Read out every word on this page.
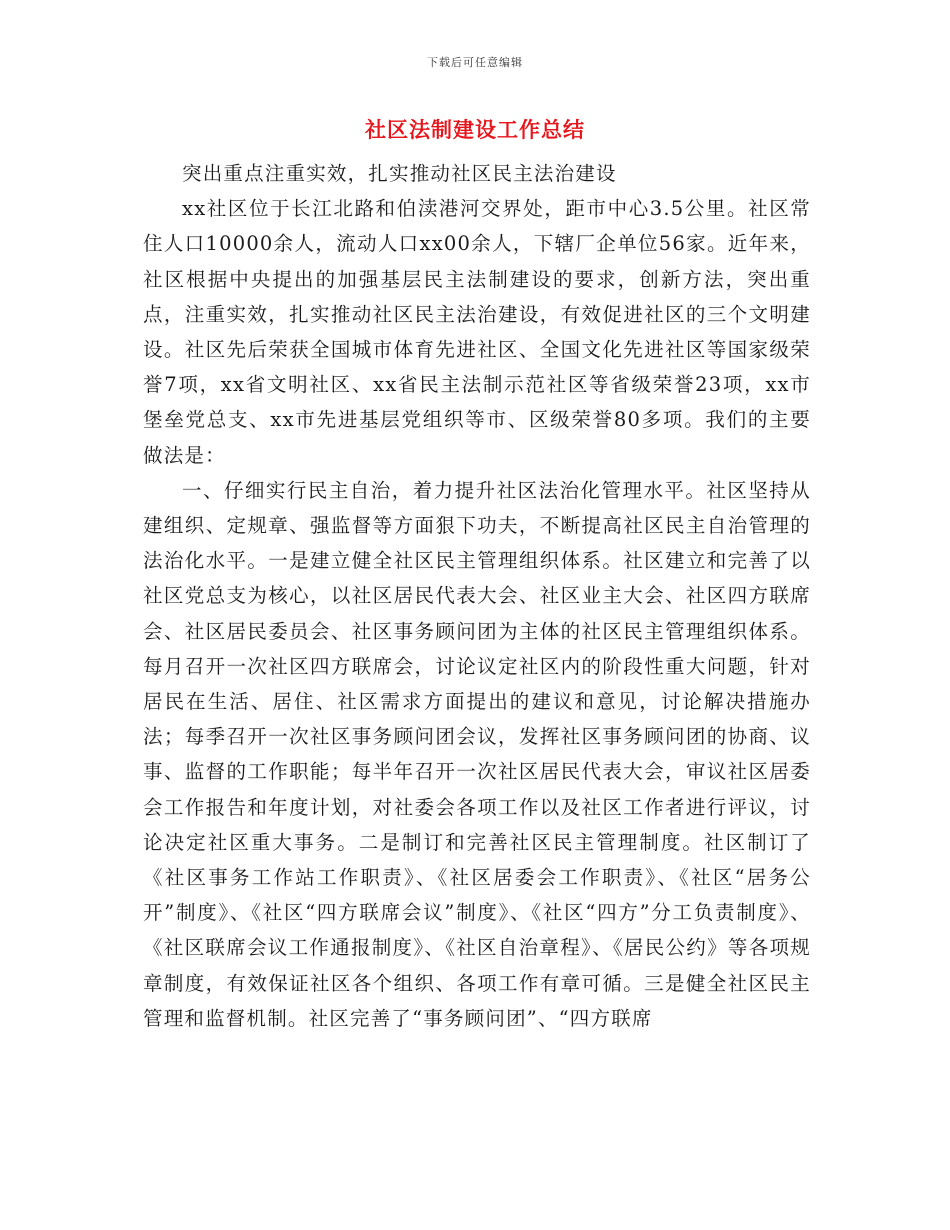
下载后可任意编辑
社区法制建设工作总结

突出重点注重实效，扎实推动社区民主法治建设

xx社区位于长江北路和伯渎港河交界处，距市中心3.5公里。社区常住人口10000余人，流动人口xx00余人，下辖厂企单位56家。近年来，社区根据中央提出的加强基层民主法制建设的要求，创新方法，突出重点，注重实效，扎实推动社区民主法治建设，有效促进社区的三个文明建设。社区先后荣获全国城市体育先进社区、全国文化先进社区等国家级荣誉7项，xx省文明社区、xx省民主法制示范社区等省级荣誉23项，xx市堡垒党总支、xx市先进基层党组织等市、区级荣誉80多项。我们的主要做法是：

一、仔细实行民主自治，着力提升社区法治化管理水平。社区坚持从建组织、定规章、强监督等方面狠下功夫，不断提高社区民主自治管理的法治化水平。一是建立健全社区民主管理组织体系。社区建立和完善了以社区党总支为核心，以社区居民代表大会、社区业主大会、社区四方联席会、社区居民委员会、社区事务顾问团为主体的社区民主管理组织体系。每月召开一次社区四方联席会，讨论议定社区内的阶段性重大问题，针对居民在生活、居住、社区需求方面提出的建议和意见，讨论解决措施办法；每季召开一次社区事务顾问团会议，发挥社区事务顾问团的协商、议事、监督的工作职能；每半年召开一次社区居民代表大会，审议社区居委会工作报告和年度计划，对社委会各项工作以及社区工作者进行评议，讨论决定社区重大事务。二是制订和完善社区民主管理制度。社区制订了《社区事务工作站工作职责》、《社区居委会工作职责》、《社区“居务公开”制度》、《社区“四方联席会议”制度》、《社区“四方”分工负责制度》、《社区联席会议工作通报制度》、《社区自治章程》、《居民公约》等各项规章制度，有效保证社区各个组织、各项工作有章可循。三是健全社区民主管理和监督机制。社区完善了“事务顾问团”、“四方联席
